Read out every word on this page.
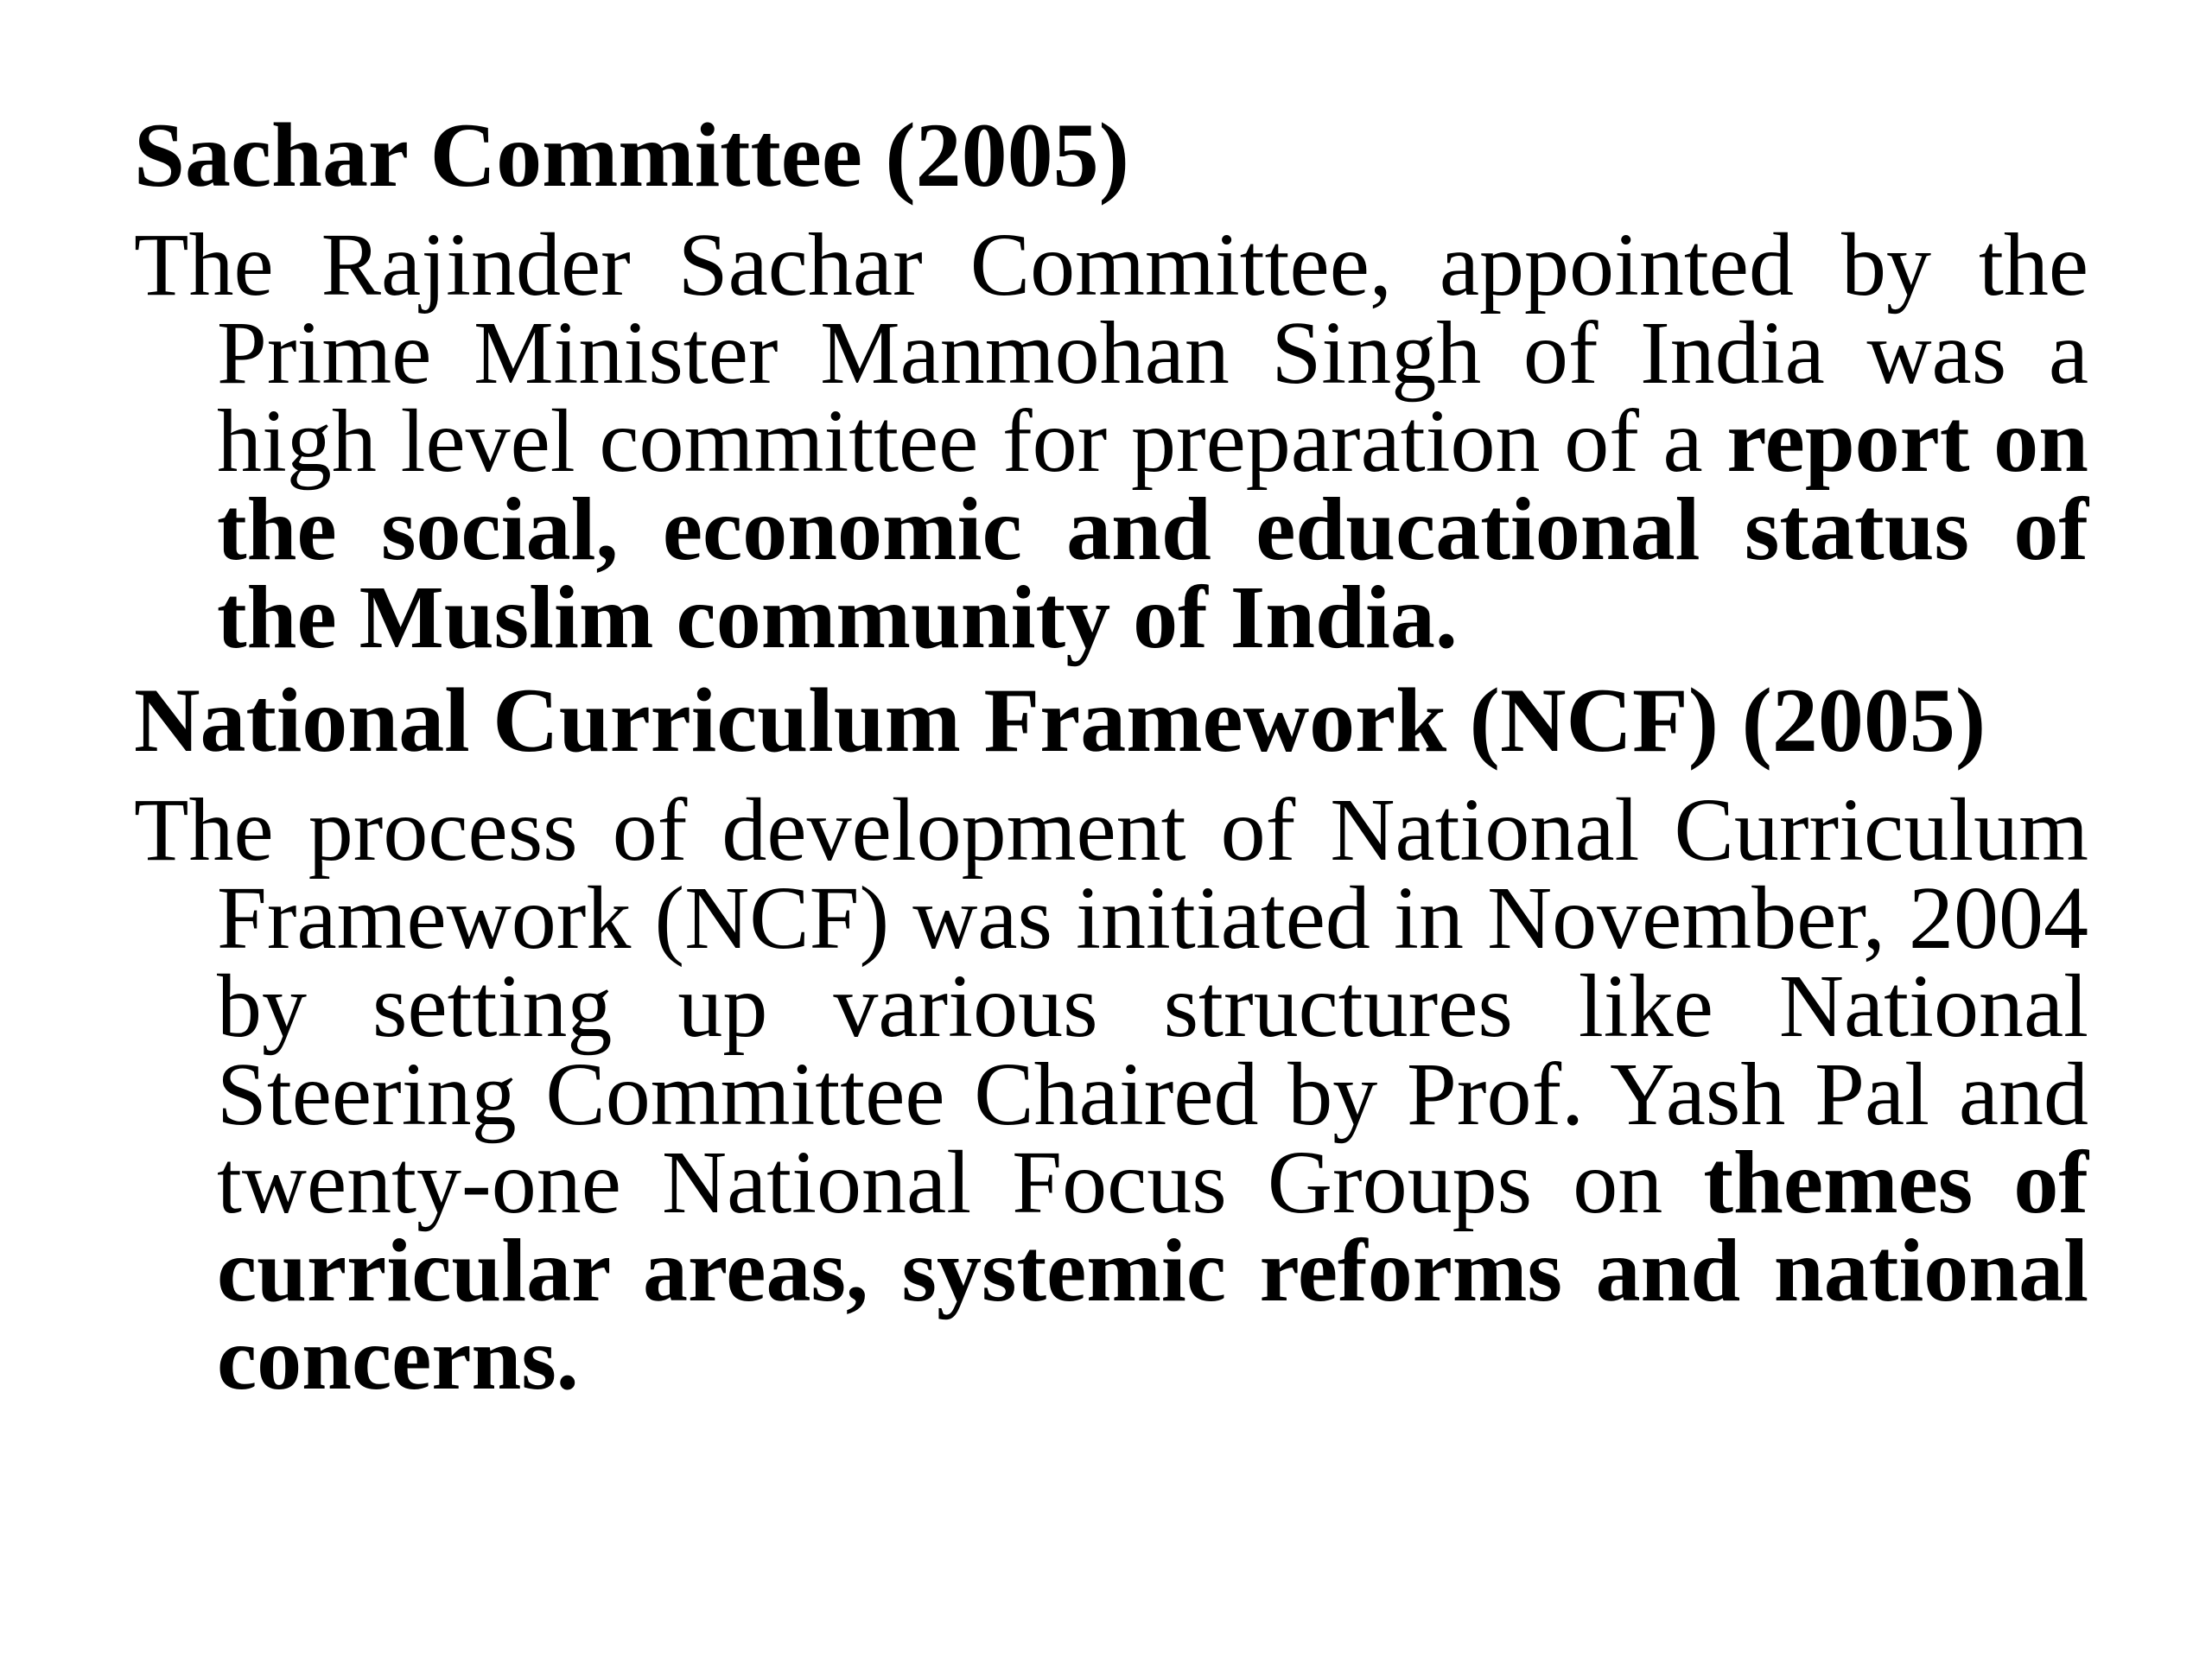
Sachar Committee (2005)

The Rajinder Sachar Committee, appointed by the Prime Minister Manmohan Singh of India was a high level committee for preparation of a report on the social, economic and educational status of the Muslim community of India.

National Curriculum Framework (NCF) (2005)

The process of development of National Curriculum Framework (NCF) was initiated in November, 2004 by setting up various structures like National Steering Committee Chaired by Prof. Yash Pal and twenty-one National Focus Groups on themes of curricular areas, systemic reforms and national concerns.
